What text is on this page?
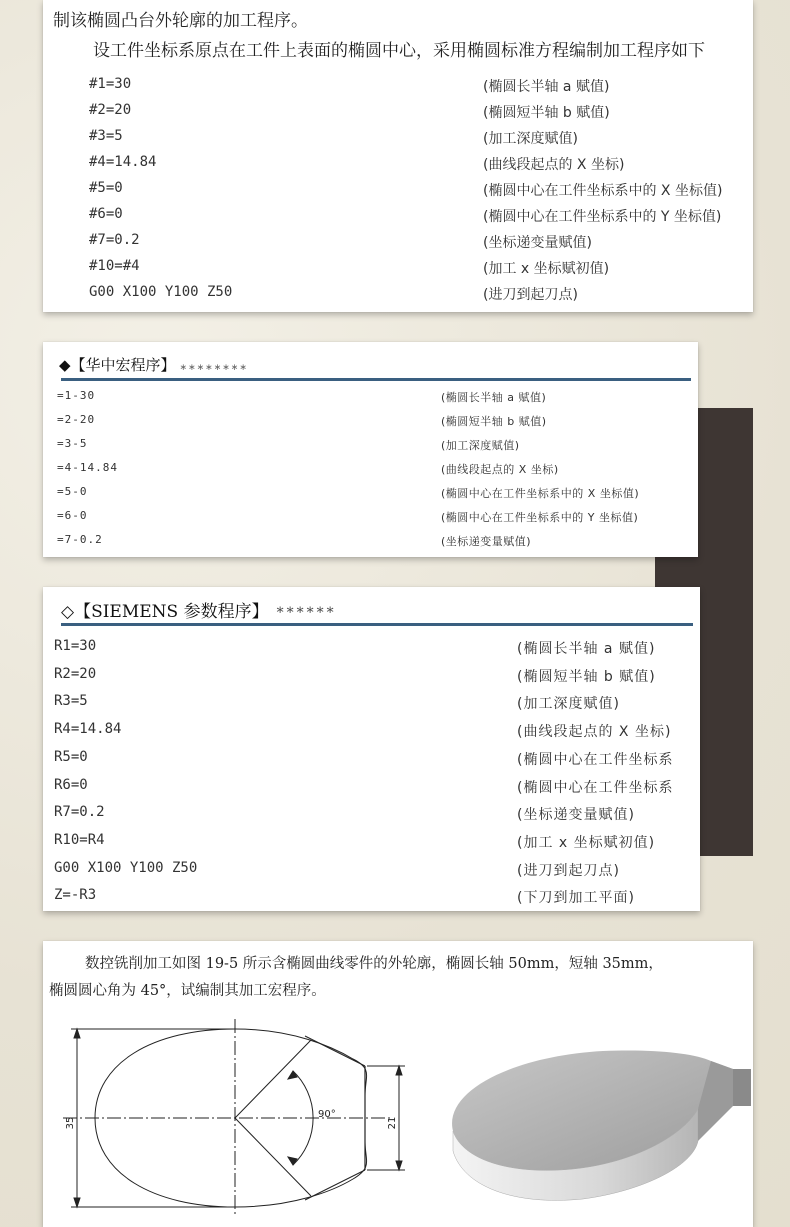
制该椭圆凸台外轮廓的加工程序。
设工件坐标系原点在工件上表面的椭圆中心，采用椭圆标准方程编制加工程序如下
#1=30	(椭圆长半轴 a 赋值)
#2=20	(椭圆短半轴 b 赋值)
#3=5	(加工深度赋值)
#4=14.84	(曲线段起点的 X 坐标)
#5=0	(椭圆中心在工件坐标系中的 X 坐标值)
#6=0	(椭圆中心在工件坐标系中的 Y 坐标值)
#7=0.2	(坐标递变量赋值)
#10=#4	(加工 x 坐标赋初值)
G00 X100 Y100 Z50	(进刀到起刀点)
◆【华中宏程序】 ∗∗∗∗∗∗∗∗
=1-30	(椭圆长半轴 a 赋值)
=2-20	(椭圆短半轴 b 赋值)
=3-5	(加工深度赋值)
=4-14.84	(曲线段起点的 X 坐标)
=5-0	(椭圆中心在工件坐标系中的 X 坐标值)
=6-0	(椭圆中心在工件坐标系中的 Y 坐标值)
=7-0.2	(坐标递变量赋值)
◇【SIEMENS 参数程序】 ******
R1=30	(椭圆长半轴 a 赋值)
R2=20	(椭圆短半轴 b 赋值)
R3=5	(加工深度赋值)
R4=14.84	(曲线段起点的 X 坐标)
R5=0	(椭圆中心在工件坐标系
R6=0	(椭圆中心在工件坐标系
R7=0.2	(坐标递变量赋值)
R10=R4	(加工 x 坐标赋初值)
G00 X100 Y100 Z50	(进刀到起刀点)
Z=-R3	(下刀到加工平面)
数控铣削加工如图 19-5 所示含椭圆曲线零件的外轮廓，椭圆长轴 50mm，短轴 35mm，
椭圆圆心角为 45°，试编制其加工宏程序。
35	21
90°
